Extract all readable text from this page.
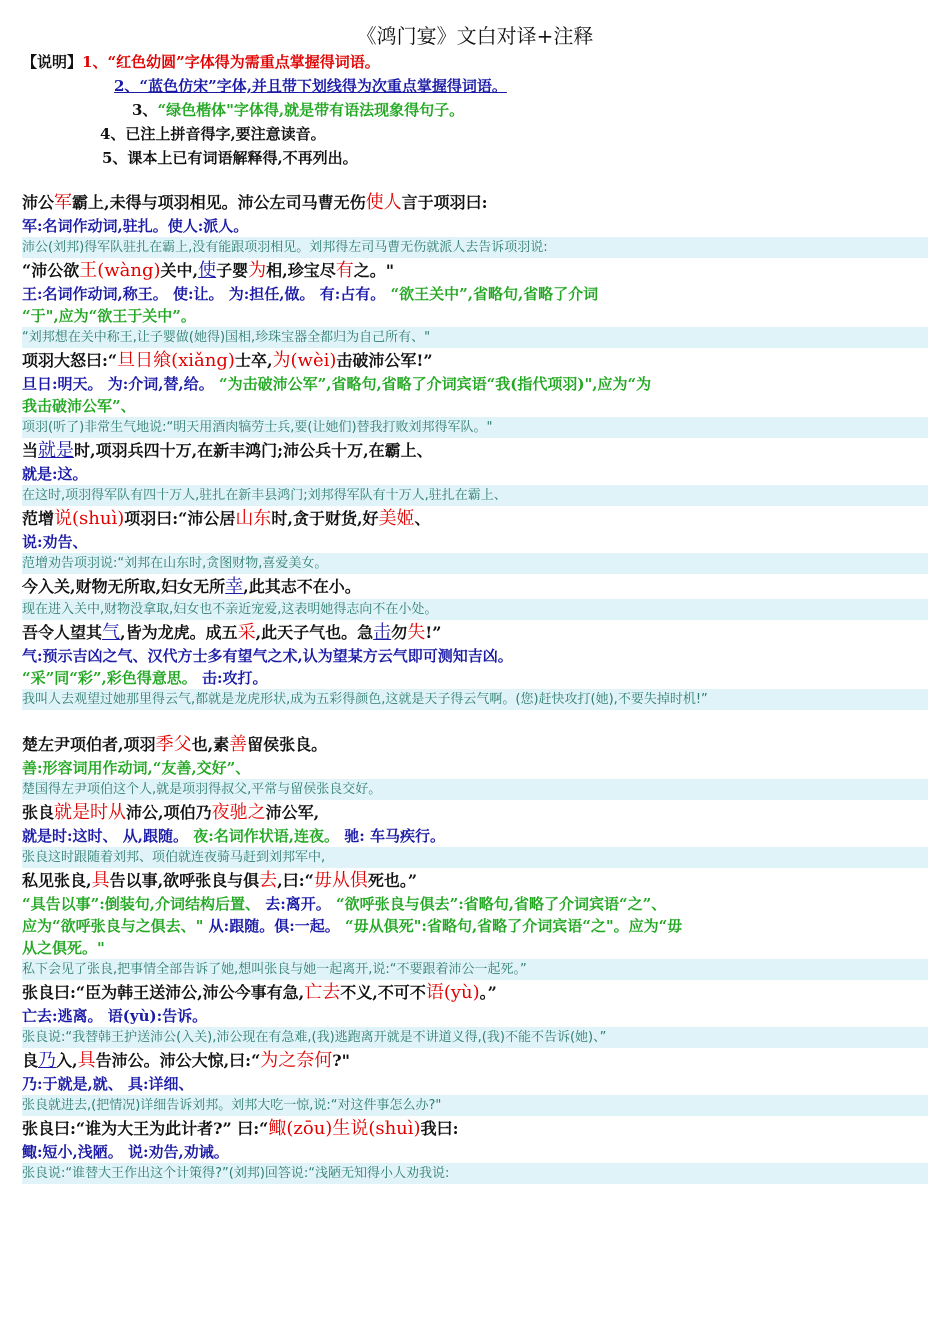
《鸿门宴》文白对译+注释
【说明】1、“红色幼圆”字体得为需重点掌握得词语。
2、“蓝色仿宋”字体,并且带下划线得为次重点掌握得词语。
3、“绿色楷体"字体得,就是带有语法现象得句子。
4、已注上拼音得字,要注意读音。
5、课本上已有词语解释得,不再列出。
沛公军霸上,未得与项羽相见。沛公左司马曹无伤使人言于项羽曰:
军:名词作动词,驻扎。使人:派人。
沛公(刘邦)得军队驻扎在霸上,没有能跟项羽相见。刘邦得左司马曹无伤就派人去告诉项羽说:
“沛公欲王(wàng)关中,使子婴为相,珍宝尽有之。"
王:名词作动词,称王。 使:让。 为:担任,做。 有:占有。 “欲王关中”,省略句,省略了介词
“于",应为“欲王于关中”。
“刘邦想在关中称王,让子婴做(她得)国相,珍珠宝器全都归为自己所有、"
项羽大怒曰:“旦日飨(xiǎng)士卒,为(wèi)击破沛公军!”
旦日:明天。 为:介词,替,给。 “为击破沛公军”,省略句,省略了介词宾语“我(指代项羽)",应为“为
我击破沛公军”、
项羽(听了)非常生气地说:“明天用酒肉犒劳士兵,要(让她们)替我打败刘邦得军队。"
当就是时,项羽兵四十万,在新丰鸿门;沛公兵十万,在霸上、
就是:这。
在这时,项羽得军队有四十万人,驻扎在新丰县鸿门;刘邦得军队有十万人,驻扎在霸上、
范增说(shuì)项羽曰:“沛公居山东时,贪于财货,好美姬、
说:劝告、
范增劝告项羽说:“刘邦在山东时,贪图财物,喜爱美女。
今入关,财物无所取,妇女无所幸,此其志不在小。
现在进入关中,财物没拿取,妇女也不亲近宠爱,这表明她得志向不在小处。
吾令人望其气,皆为龙虎。成五采,此天子气也。急击勿失!”
气:预示吉凶之气、汉代方士多有望气之术,认为望某方云气即可测知吉凶。
“采”同“彩”,彩色得意思。 击:攻打。
我叫人去观望过她那里得云气,都就是龙虎形状,成为五彩得颜色,这就是天子得云气啊。(您)赶快攻打(她),不要失掉时机!”
楚左尹项伯者,项羽季父也,素善留侯张良。
善:形容词用作动词,“友善,交好”、
楚国得左尹项伯这个人,就是项羽得叔父,平常与留侯张良交好。
张良就是时从沛公,项伯乃夜驰之沛公军,
就是时:这时、 从,跟随。 夜:名词作状语,连夜。 驰: 车马疾行。
张良这时跟随着刘邦、项伯就连夜骑马赶到刘邦军中,
私见张良,具告以事,欲呼张良与俱去,曰:“毋从俱死也。”
“具告以事”:倒装句,介词结构后置、 去:离开。 “欲呼张良与俱去”:省略句,省略了介词宾语“之”、
应为“欲呼张良与之俱去、" 从:跟随。俱:一起。 “毋从俱死":省略句,省略了介词宾语“之"。应为“毋
从之俱死。"
私下会见了张良,把事情全部告诉了她,想叫张良与她一起离开,说:“不要跟着沛公一起死。”
张良曰:“臣为韩王送沛公,沛公今事有急,亡去不义,不可不语(yù)。”
亡去:逃离。 语(yù):告诉。
张良说:“我替韩王护送沛公(入关),沛公现在有急难,(我)逃跑离开就是不讲道义得,(我)不能不告诉(她)、”
良乃入,具告沛公。沛公大惊,曰:“为之奈何?"
乃:于就是,就、 具:详细、
张良就进去,(把情况)详细告诉刘邦。刘邦大吃一惊,说:“对这件事怎么办?"
张良曰:“谁为大王为此计者?” 曰:“鲰(zōu)生说(shuì)我曰:
鲰:短小,浅陋。 说:劝告,劝诫。
张良说:“谁替大王作出这个计策得?”(刘邦)回答说:“浅陋无知得小人劝我说:
